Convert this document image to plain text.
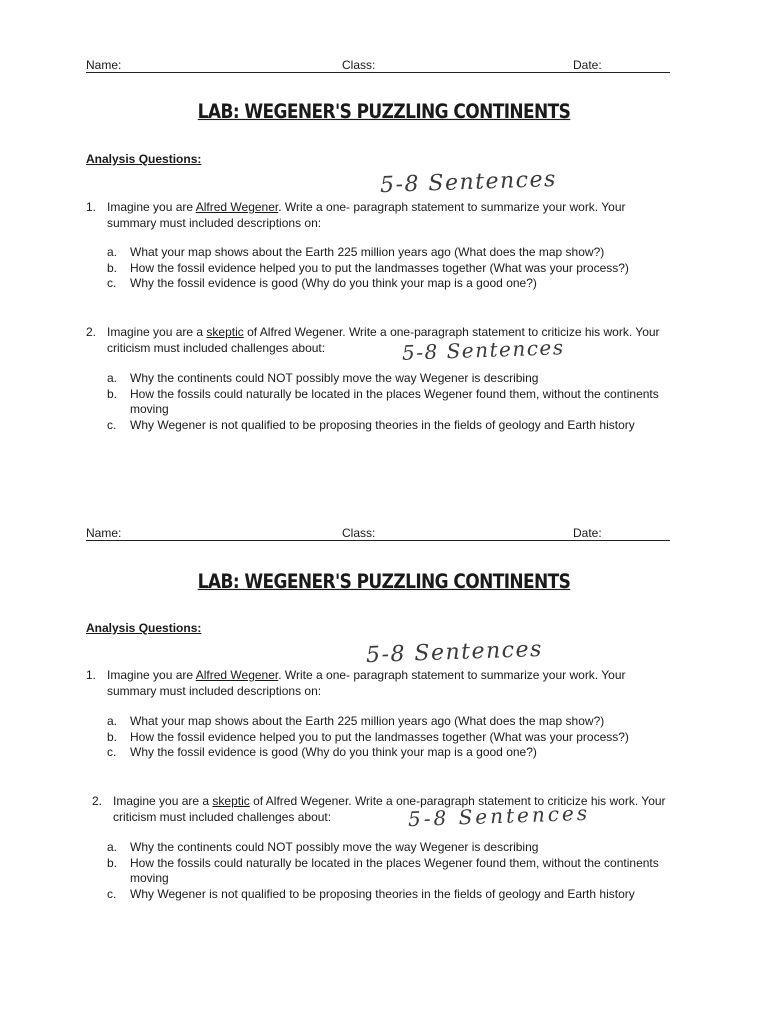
Name:	Class:	Date:
LAB: WEGENER'S PUZZLING CONTINENTS
Analysis Questions:
5-8 Sentences
1. Imagine you are Alfred Wegener. Write a one- paragraph statement to summarize your work. Your summary must included descriptions on:
a. What your map shows about the Earth 225 million years ago (What does the map show?)
b. How the fossil evidence helped you to put the landmasses together (What was your process?)
c. Why the fossil evidence is good (Why do you think your map is a good one?)
2. Imagine you are a skeptic of Alfred Wegener. Write a one-paragraph statement to criticize his work. Your criticism must included challenges about:	5-8 Sentences
a. Why the continents could NOT possibly move the way Wegener is describing
b. How the fossils could naturally be located in the places Wegener found them, without the continents moving
c. Why Wegener is not qualified to be proposing theories in the fields of geology and Earth history
Name:	Class:	Date:
LAB: WEGENER'S PUZZLING CONTINENTS
Analysis Questions:
5-8 Sentences
1. Imagine you are Alfred Wegener. Write a one- paragraph statement to summarize your work. Your summary must included descriptions on:
a. What your map shows about the Earth 225 million years ago (What does the map show?)
b. How the fossil evidence helped you to put the landmasses together (What was your process?)
c. Why the fossil evidence is good (Why do you think your map is a good one?)
2. Imagine you are a skeptic of Alfred Wegener. Write a one-paragraph statement to criticize his work. Your criticism must included challenges about:	5-8 Sentences
a. Why the continents could NOT possibly move the way Wegener is describing
b. How the fossils could naturally be located in the places Wegener found them, without the continents moving
c. Why Wegener is not qualified to be proposing theories in the fields of geology and Earth history
